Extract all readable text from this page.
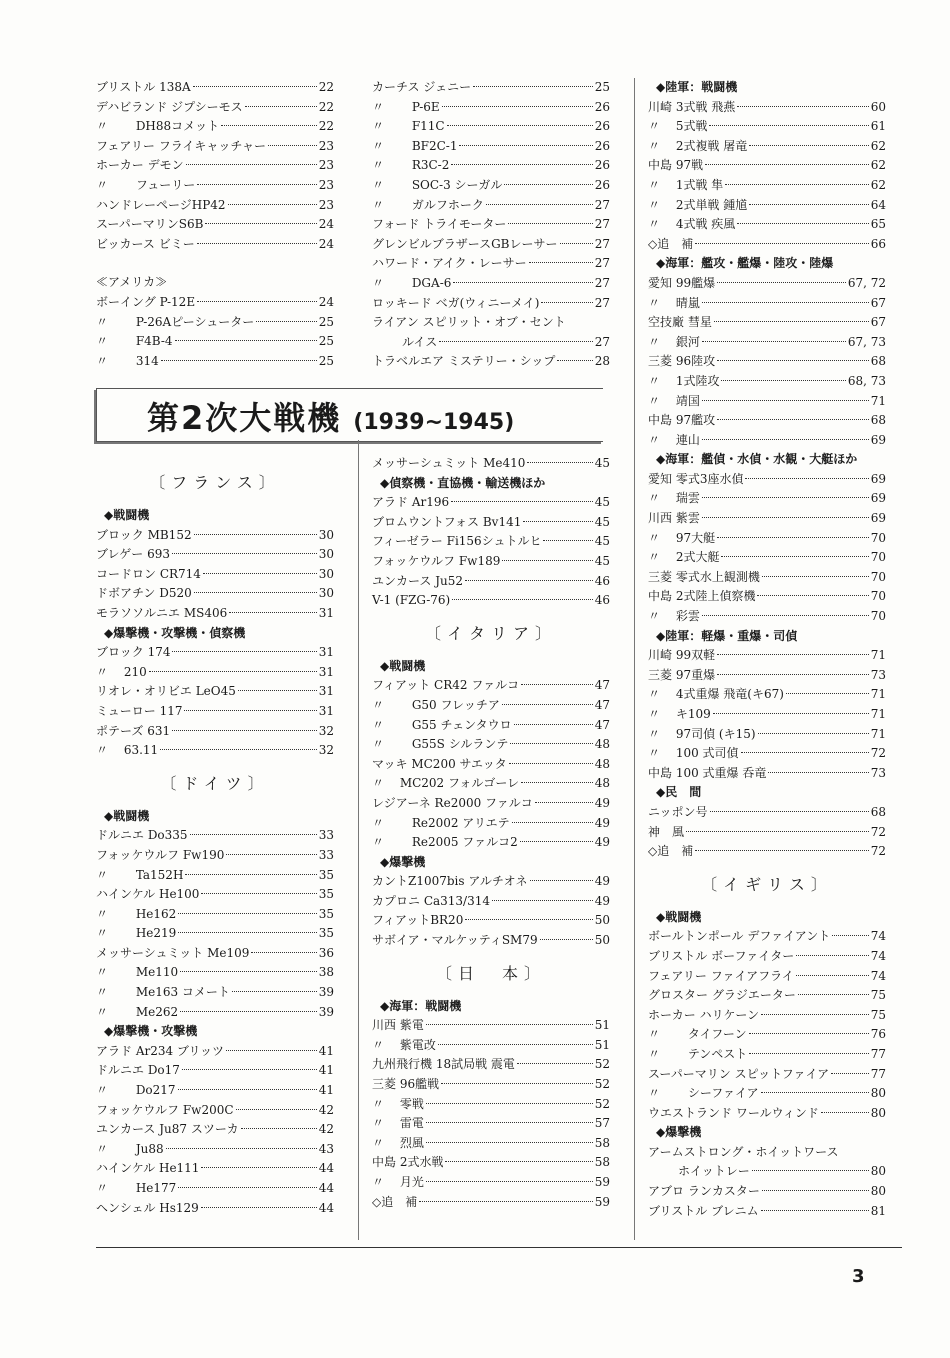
ブリストル 138A	22
デハビランド ジプシーモス	22
〃 　　DH88コメット	22
フェアリー フライキャッチャー	23
ホーカー デモン	23
〃 　　フューリー	23
ハンドレーページHP42	23
スーパーマリンS6B	24
ビッカース ビミー	24
≪アメリカ≫
ボーイング P-12E	24
〃 　　P-26Aピーシューター	25
〃 　　F4B-4	25
〃 　　314	25
カーチス ジェニー	25
〃 　　P-6E	26
〃 　　F11C	26
〃 　　BF2C-1	26
〃 　　R3C-2	26
〃 　　SOC-3 シーガル	26
〃 　　ガルフホーク	27
フォード トライモーター	27
グレンビルブラザースGBレーサー	27
ハワード・アイク・レーサー	27
〃 　　DGA-6	27
ロッキード ベガ(ウィニーメイ)	27
ライアン スピリット・オブ・セント
ルイス	27
トラベルエア ミステリー・シップ	28
第2次大戦機 (1939~1945)
〔フランス〕
◆戦闘機
ブロック MB152	30
ブレゲー 693	30
コードロン CR714	30
ドボアチン D520	30
モラソソルニエ MS406	31
◆爆撃機・攻撃機・偵察機
ブロック 174	31
〃 　210	31
リオレ・オリビエ LeO45	31
ミューロー 117	31
ポテーズ 631	32
〃 　63.11	32
〔ドイツ〕
◆戦闘機
ドルニエ Do335	33
フォッケウルフ Fw190	33
〃 　　Ta152H	35
ハインケル He100	35
〃 　　He162	35
〃 　　He219	35
メッサーシュミット Me109	36
〃 　　Me110	38
〃 　　Me163 コメート	39
〃 　　Me262	39
◆爆撃機・攻撃機
アラド Ar234 ブリッツ	41
ドルニエ Do17	41
〃 　　Do217	41
フォッケウルフ Fw200C	42
ユンカース Ju87 スツーカ	42
〃 　　Ju88	43
ハインケル He111	44
〃 　　He177	44
ヘンシェル Hs129	44
メッサーシュミット Me410	45
◆偵察機・直協機・輸送機ほか
アラド Ar196	45
ブロムウントフォス Bv141	45
フィーゼラー Fi156シュトルヒ	45
フォッケウルフ Fw189	45
ユンカース Ju52	46
V-1 (FZG-76)	46
〔イタリア〕
◆戦闘機
フィアット CR42 ファルコ	47
〃 　　G50 フレッチア	47
〃 　　G55 チェンタウロ	47
〃 　　G55S シルランテ	48
マッキ MC200 サエッタ	48
〃 　MC202 フォルゴーレ	48
レジアーネ Re2000 ファルコ	49
〃 　　Re2002 アリエテ	49
〃 　　Re2005 ファルコ2	49
◆爆撃機
カントZ1007bis アルチオネ	49
カプロニ Ca313/314	49
フィアットBR20	50
サボイア・マルケッティSM79	50
〔日　本〕
◆海軍：戦闘機
川西 紫電	51
〃 　紫電改	51
九州飛行機 18試局戦 震電	52
三菱 96艦戦	52
〃 　零戦	52
〃 　雷電	57
〃 　烈風	58
中島 2式水戦	58
〃 　月光	59
◇追　補	59
◆陸軍：戦闘機
川崎 3式戦 飛燕	60
〃 　5式戦	61
〃 　2式複戦 屠竜	62
中島 97戦	62
〃 　1式戦 隼	62
〃 　2式単戦 鍾馗	64
〃 　4式戦 疾風	65
◇追　補	66
◆海軍：艦攻・艦爆・陸攻・陸爆
愛知 99艦爆	67, 72
〃 　晴嵐	67
空技廠 彗星	67
〃 　銀河	67, 73
三菱 96陸攻	68
〃 　1式陸攻	68, 73
〃 　靖国	71
中島 97艦攻	68
〃 　連山	69
◆海軍：艦偵・水偵・水観・大艇ほか
愛知 零式3座水偵	69
〃 　瑞雲	69
川西 紫雲	69
〃 　97大艇	70
〃 　2式大艇	70
三菱 零式水上観測機	70
中島 2式陸上偵察機	70
〃 　彩雲	70
◆陸軍：軽爆・重爆・司偵
川崎 99双軽	71
三菱 97重爆	73
〃 　4式重爆 飛竜(キ67)	71
〃 　キ109	71
〃 　97司偵 (キ15)	71
〃 　100 式司偵	72
中島 100 式重爆 呑竜	73
◆民　間
ニッポン号	68
神　風	72
◇追　補	72
〔イギリス〕
◆戦闘機
ボールトンポール デファイアント	74
ブリストル ボーファイター	74
フェアリー ファイアフライ	74
グロスター グラジエーター	75
ホーカー ハリケーン	75
〃 　　タイフーン	76
〃 　　テンペスト	77
スーパーマリン スピットファイア	77
〃 　　シーファイア	80
ウエストランド ワールウィンド	80
◆爆撃機
アームストロング・ホイットワース
ホイットレー	80
アブロ ランカスター	80
ブリストル ブレニム	81
3
